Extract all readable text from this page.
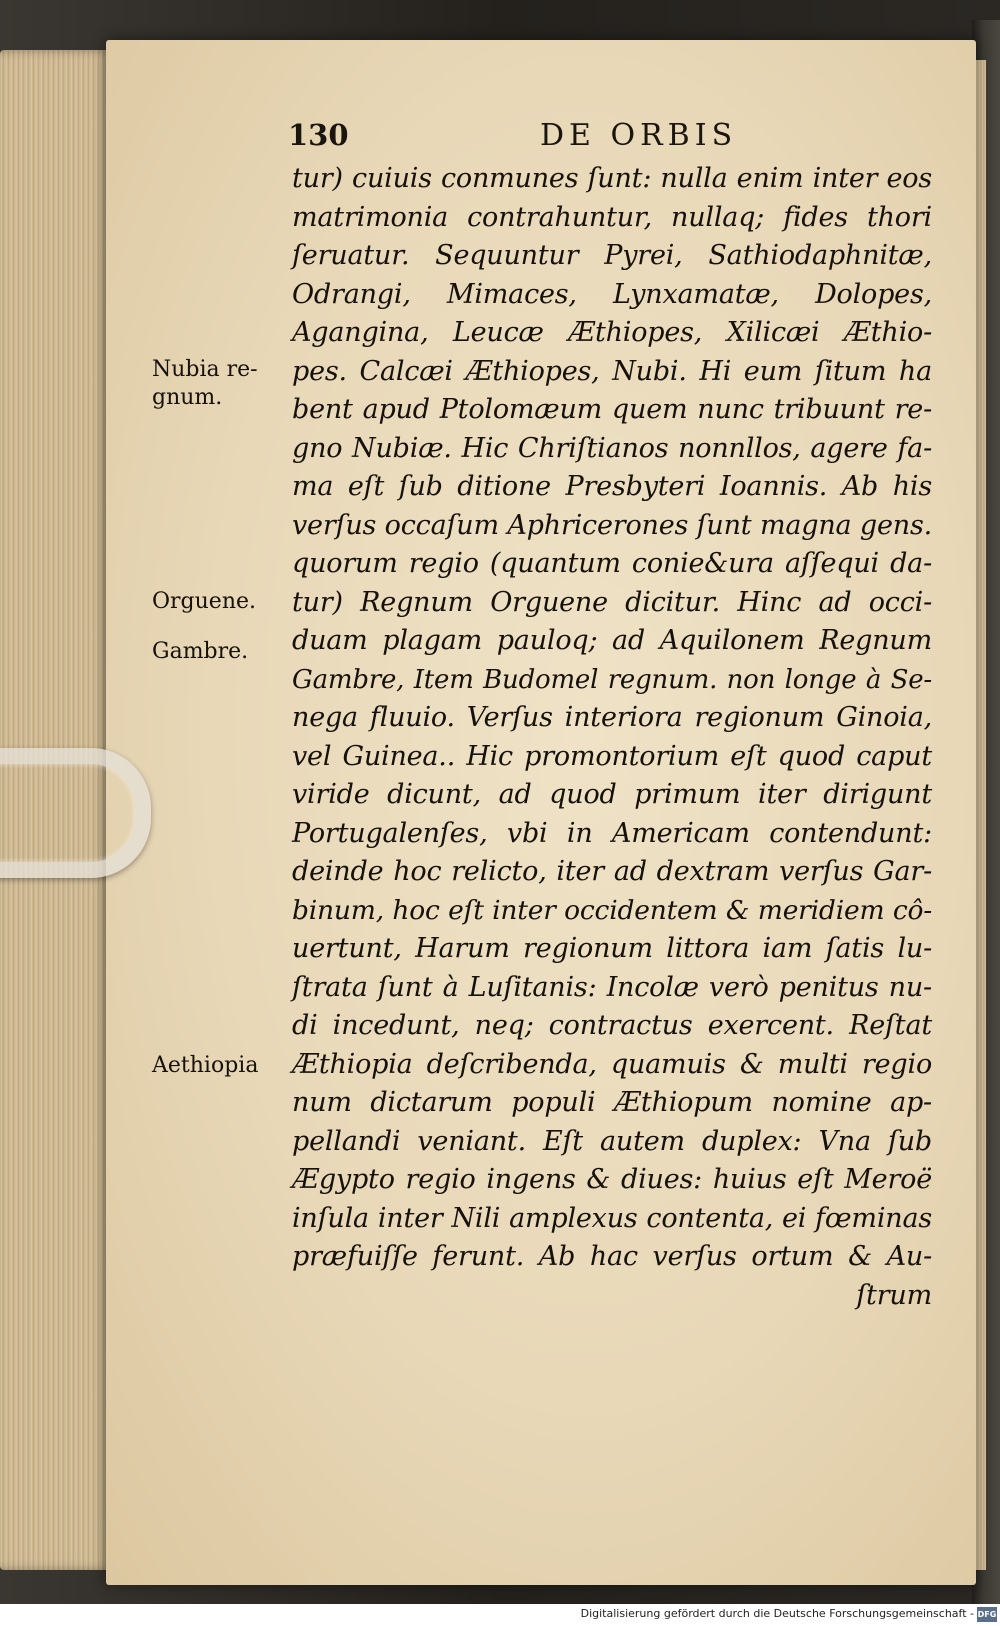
130	DE ORBIS
tur) cuiuis conmunes ſunt: nulla enim inter eos
matrimonia contrahuntur, nullaq; fides thori
ſeruatur. Sequuntur Pyrei, Sathiodaphnitæ,
Odrangi, Mimaces, Lynxamatæ, Dolopes,
Agangina, Leucæ Æthiopes, Xilicæi Æthio-
pes. Calcæi Æthiopes, Nubi. Hi eum ſitum ha
bent apud Ptolomæum quem nunc tribuunt re-
gno Nubiæ. Hic Chriſtianos nonnllos, agere fa-
ma eſt ſub ditione Presbyteri Ioannis. Ab his
verſus occaſum Aphricerones ſunt magna gens.
quorum regio (quantum conie&ura aſſequi da-
tur) Regnum Orguene dicitur. Hinc ad occi-
duam plagam pauloq; ad Aquilonem Regnum
Gambre, Item Budomel regnum. non longe à Se-
nega fluuio. Verſus interiora regionum Ginoia,
vel Guinea.. Hic promontorium eſt quod caput
viride dicunt, ad quod primum iter dirigunt
Portugalenſes, vbi in Americam contendunt:
deinde hoc relicto, iter ad dextram verſus Gar-
binum, hoc eſt inter occidentem & meridiem cô-
uertunt, Harum regionum littora iam ſatis lu-
ſtrata ſunt à Luſitanis: Incolæ verò penitus nu-
di incedunt, neq; contractus exercent. Reſtat
Æthiopia deſcribenda, quamuis & multi regio
num dictarum populi Æthiopum nomine ap-
pellandi veniant. Eſt autem duplex: Vna ſub
Ægypto regio ingens & diues: huius eſt Meroë
inſula inter Nili amplexus contenta, ei fœminas
præfuiſſe ferunt. Ab hac verſus ortum & Au-
ſtrum
Nubia re-
gnum.
Orguene.
Gambre.
Aethiopia
Digitalisierung gefördert durch die Deutsche Forschungsgemeinschaft - DFG
